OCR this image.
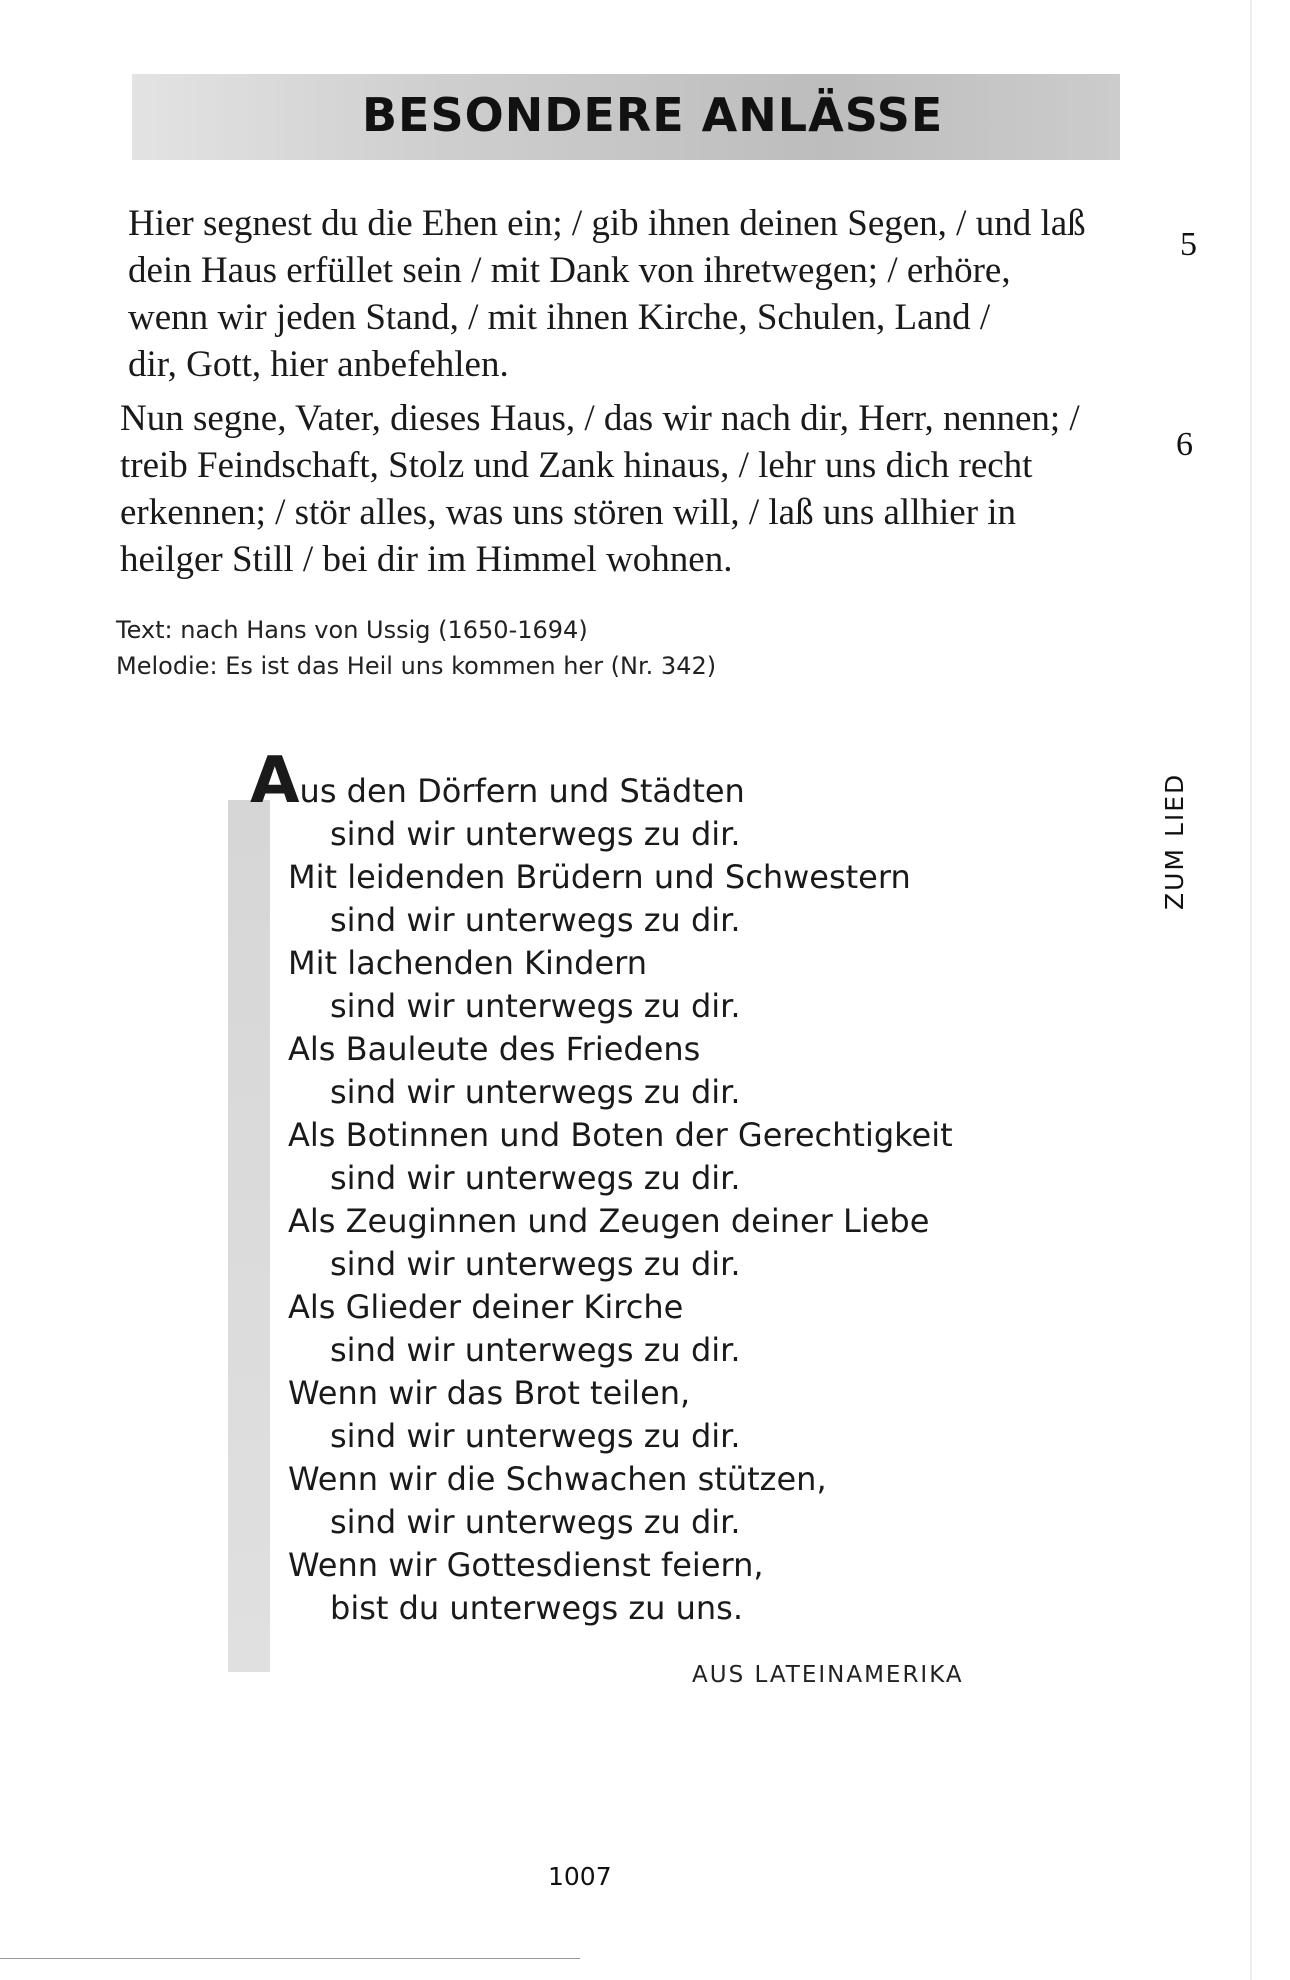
BESONDERE ANLÄSSE
Hier segnest du die Ehen ein; / gib ihnen deinen Segen, / und laß
dein Haus erfüllet sein / mit Dank von ihretwegen; / erhöre,
wenn wir jeden Stand, / mit ihnen Kirche, Schulen, Land /
dir, Gott, hier anbefehlen.
5
Nun segne, Vater, dieses Haus, / das wir nach dir, Herr, nennen; /
treib Feindschaft, Stolz und Zank hinaus, / lehr uns dich recht
erkennen; / stör alles, was uns stören will, / laß uns allhier in
heilger Still / bei dir im Himmel wohnen.
6
Text: nach Hans von Ussig (1650-1694)
Melodie: Es ist das Heil uns kommen her (Nr. 342)
Aus den Dörfern und Städten
sind wir unterwegs zu dir.
Mit leidenden Brüdern und Schwestern
sind wir unterwegs zu dir.
Mit lachenden Kindern
sind wir unterwegs zu dir.
Als Bauleute des Friedens
sind wir unterwegs zu dir.
Als Botinnen und Boten der Gerechtigkeit
sind wir unterwegs zu dir.
Als Zeuginnen und Zeugen deiner Liebe
sind wir unterwegs zu dir.
Als Glieder deiner Kirche
sind wir unterwegs zu dir.
Wenn wir das Brot teilen,
sind wir unterwegs zu dir.
Wenn wir die Schwachen stützen,
sind wir unterwegs zu dir.
Wenn wir Gottesdienst feiern,
bist du unterwegs zu uns.
AUS LATEINAMERIKA
ZUM LIED
1007
